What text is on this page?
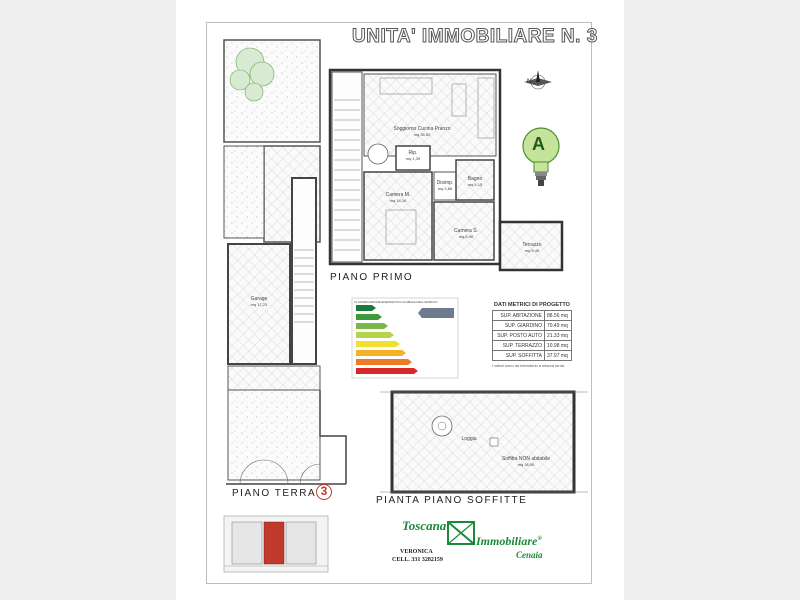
UNITA' IMMOBILIARE N. 3
PIANO PRIMO
PIANO TERRA 3
PIANTA PIANO SOFFITTE
A
N
Soggiorno Cucina Pranzo
mq 35,52
Rip.
mq 1,39
Bagno
mq 4,15
Disimp.
mq 3,86
Camera M.
mq 14,16
Camera S.
mq 8,96
Terrazzo
mq 9,45
Garage
mq 17,23
Loggia
Soffitta NON abitabile
mq 38,00
CLASSIFICAZIONE ENERGETICA GLOBALE DELL'EDIFICIO	DATI METRICI DI PROGETTO
SUP. ABITAZIONE	88.56 mq
SUP. GIARDINO	70.49 mq
SUP. POSTO AUTO	21.33 mq
SUP. TERRAZZO	10.98 mq
SUP. SOFFITTA	37.97 mq
I valori sono da intendersi a misura lorda
Toscana
Immobiliare®
Cenaia
VERONICA
CELL. 331 3282159
